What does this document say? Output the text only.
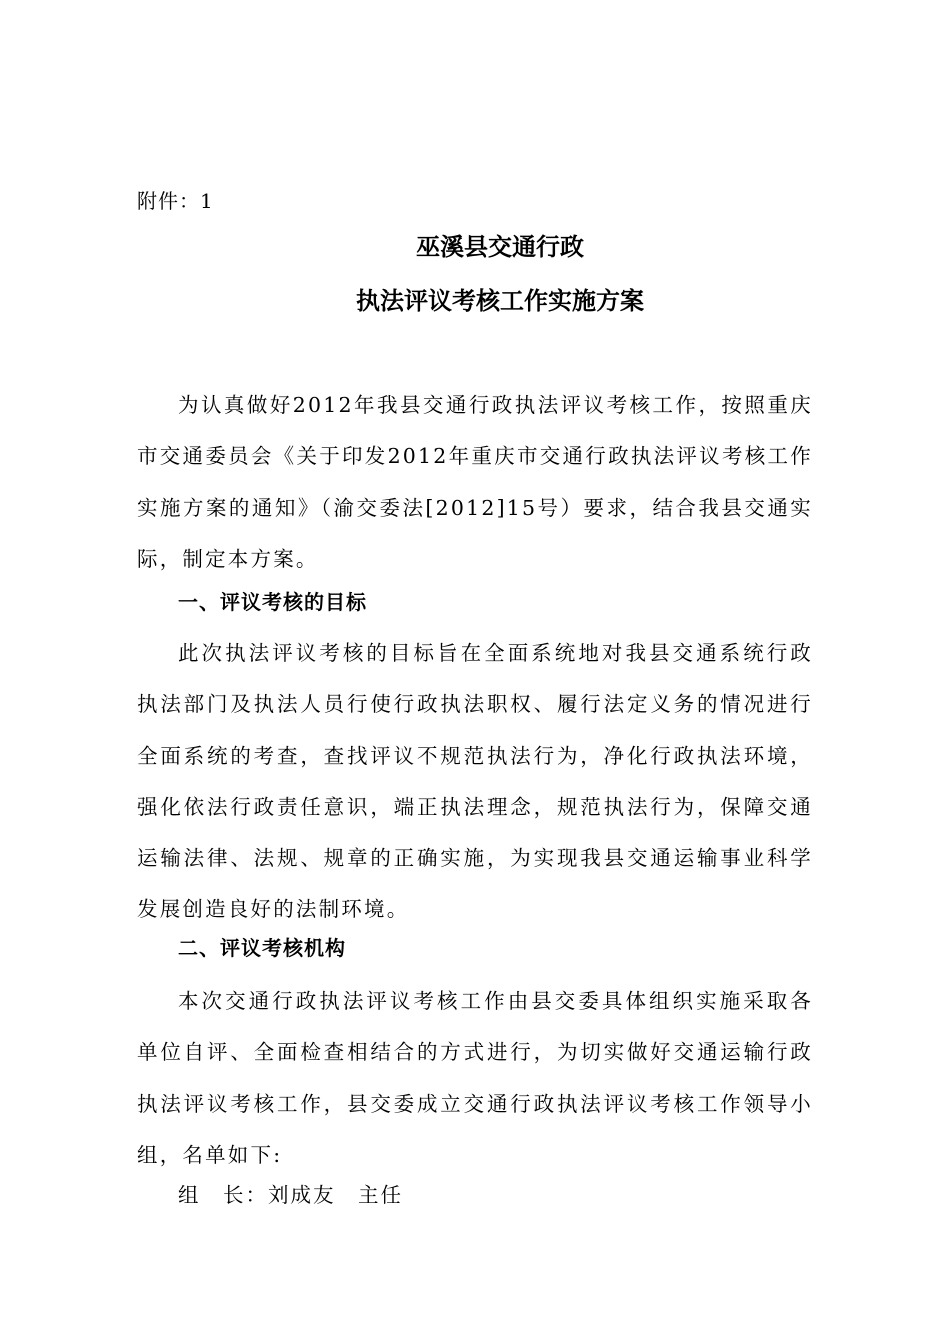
附件：1
巫溪县交通行政
执法评议考核工作实施方案

为认真做好2012年我县交通行政执法评议考核工作，按照重庆市交通委员会《关于印发2012年重庆市交通行政执法评议考核工作实施方案的通知》（渝交委法[2012]15号）要求，结合我县交通实际，制定本方案。

一、评议考核的目标

此次执法评议考核的目标旨在全面系统地对我县交通系统行政执法部门及执法人员行使行政执法职权、履行法定义务的情况进行全面系统的考查，查找评议不规范执法行为，净化行政执法环境，强化依法行政责任意识，端正执法理念，规范执法行为，保障交通运输法律、法规、规章的正确实施，为实现我县交通运输事业科学发展创造良好的法制环境。

二、评议考核机构

本次交通行政执法评议考核工作由县交委具体组织实施采取各单位自评、全面检查相结合的方式进行，为切实做好交通运输行政执法评议考核工作，县交委成立交通行政执法评议考核工作领导小组，名单如下:

组　长：刘成友　主任
